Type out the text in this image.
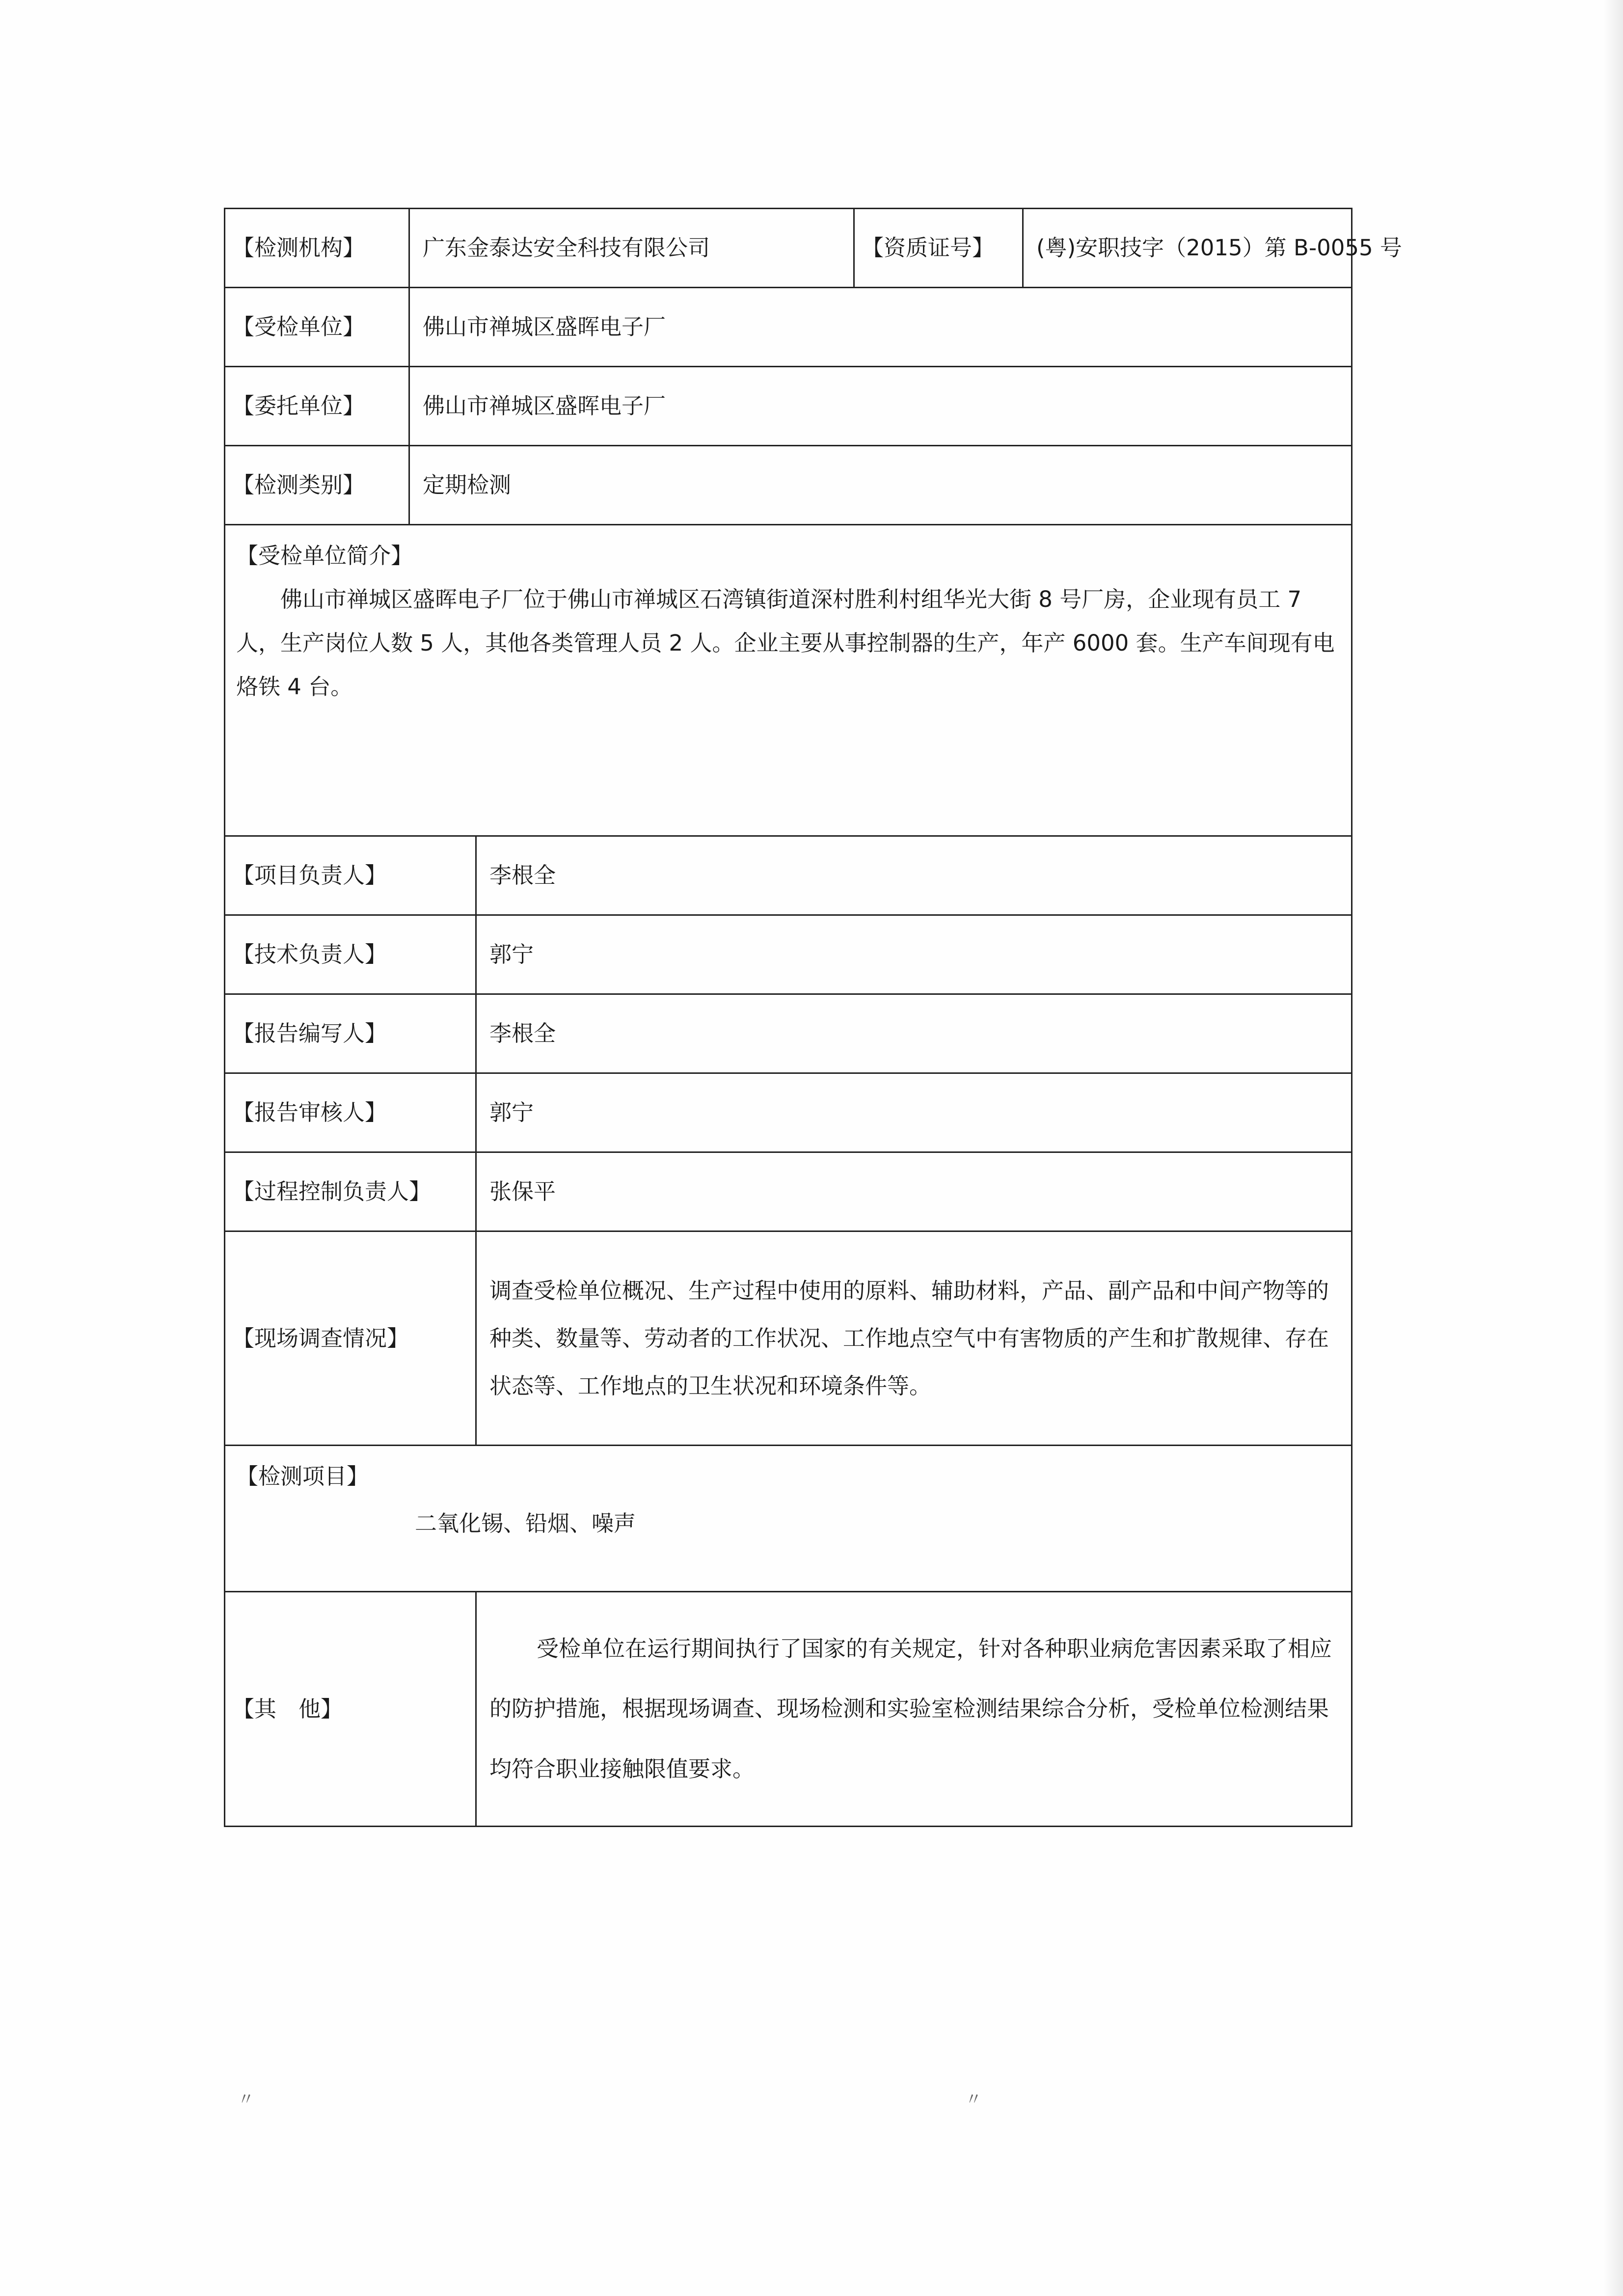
【检测机构】	广东金泰达安全科技有限公司		【资质证号】	(粤)安职技字（2015）第 B-0055 号
【受检单位】	佛山市禅城区盛晖电子厂			
【委托单位】	佛山市禅城区盛晖电子厂			
【检测类别】	定期检测			

【受检单位简介】
佛山市禅城区盛晖电子厂位于佛山市禅城区石湾镇街道深村胜利村组华光大街 8 号厂房，企业现有员工 7 人，生产岗位人数 5 人，其他各类管理人员 2 人。企业主要从事控制器的生产，年产 6000 套。生产车间现有电烙铁 4 台。				

【项目负责人】		李根全		
【技术负责人】		郭宁		
【报告编写人】		李根全		
【报告审核人】		郭宁		
【过程控制负责人】		张保平		
【现场调查情况】		调查受检单位概况、生产过程中使用的原料、辅助材料，产品、副产品和中间产物等的种类、数量等、劳动者的工作状况、工作地点空气中有害物质的产生和扩散规律、存在状态等、工作地点的卫生状况和环境条件等。		

【检测项目】
二氧化锡、铅烟、噪声				

【其　他】		受检单位在运行期间执行了国家的有关规定，针对各种职业病危害因素采取了相应的防护措施，根据现场调查、现场检测和实验室检测结果综合分析，受检单位检测结果均符合职业接触限值要求。		
〃	〃
